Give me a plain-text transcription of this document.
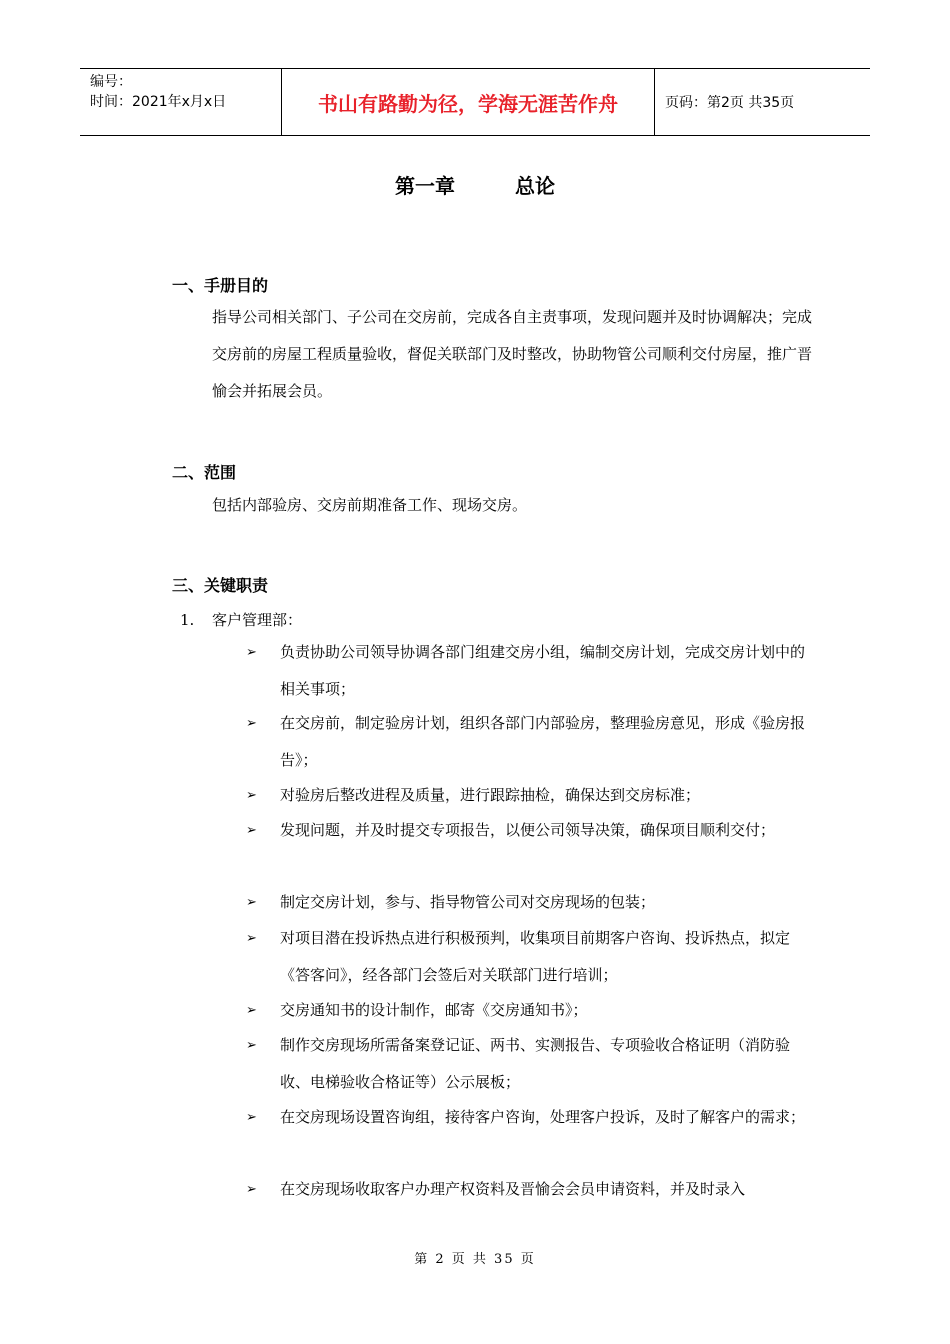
编号：
时间：2021年x月x日	书山有路勤为径，学海无涯苦作舟	页码：第2页 共35页
第一章	总论
一、手册目的
指导公司相关部门、子公司在交房前，完成各自主责事项，发现问题并及时协调解决；完成交房前的房屋工程质量验收，督促关联部门及时整改，协助物管公司顺利交付房屋，推广晋愉会并拓展会员。
二、范围
包括内部验房、交房前期准备工作、现场交房。
三、关键职责
1. 客户管理部：
➢ 负责协助公司领导协调各部门组建交房小组，编制交房计划，完成交房计划中的相关事项；
➢ 在交房前，制定验房计划，组织各部门内部验房，整理验房意见，形成《验房报告》；
➢ 对验房后整改进程及质量，进行跟踪抽检，确保达到交房标准；
➢ 发现问题，并及时提交专项报告，以便公司领导决策，确保项目顺利交付；
➢ 制定交房计划，参与、指导物管公司对交房现场的包装；
➢ 对项目潜在投诉热点进行积极预判，收集项目前期客户咨询、投诉热点，拟定《答客问》，经各部门会签后对关联部门进行培训；
➢ 交房通知书的设计制作，邮寄《交房通知书》；
➢ 制作交房现场所需备案登记证、两书、实测报告、专项验收合格证明（消防验收、电梯验收合格证等）公示展板；
➢ 在交房现场设置咨询组，接待客户咨询，处理客户投诉，及时了解客户的需求；
➢ 在交房现场收取客户办理产权资料及晋愉会会员申请资料，并及时录入
第 2 页 共 35 页
